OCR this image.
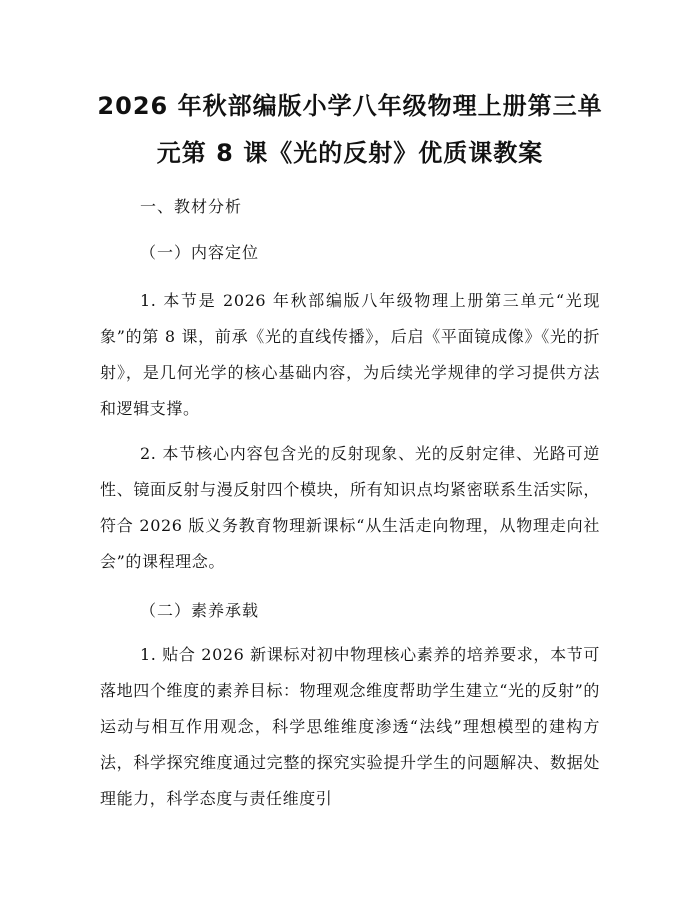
2026 年秋部编版小学八年级物理上册第三单
元第 8 课《光的反射》优质课教案
一、教材分析
（一）内容定位
1. 本节是 2026 年秋部编版八年级物理上册第三单元“光现象”的第 8 课，前承《光的直线传播》，后启《平面镜成像》《光的折射》，是几何光学的核心基础内容，为后续光学规律的学习提供方法和逻辑支撑。
2. 本节核心内容包含光的反射现象、光的反射定律、光路可逆性、镜面反射与漫反射四个模块，所有知识点均紧密联系生活实际，符合 2026 版义务教育物理新课标“从生活走向物理，从物理走向社会”的课程理念。
（二）素养承载
1. 贴合 2026 新课标对初中物理核心素养的培养要求，本节可落地四个维度的素养目标：物理观念维度帮助学生建立“光的反射”的运动与相互作用观念，科学思维维度渗透“法线”理想模型的建构方法，科学探究维度通过完整的探究实验提升学生的问题解决、数据处理能力，科学态度与责任维度引
